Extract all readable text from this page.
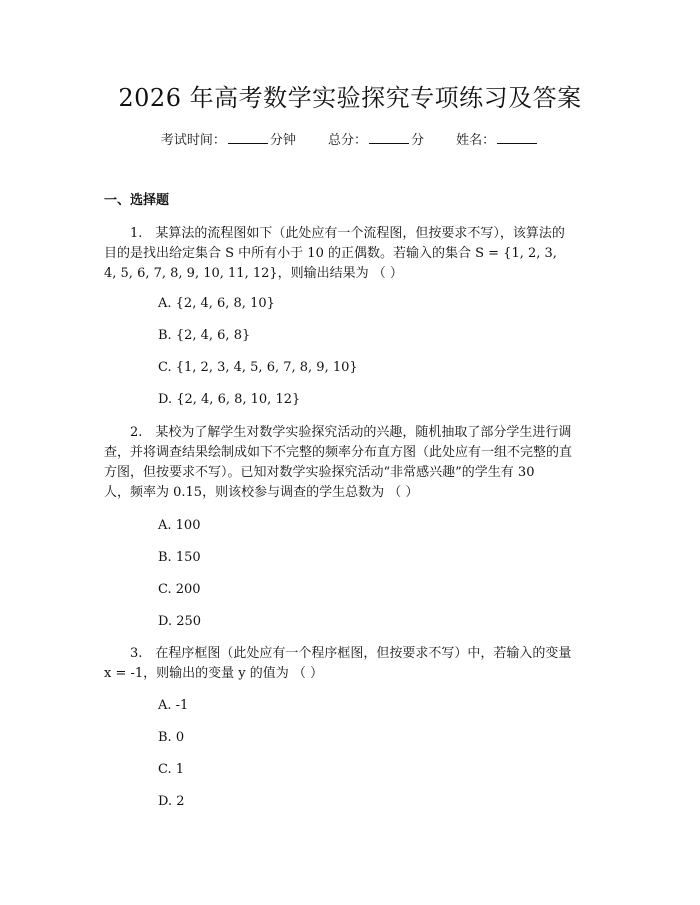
2026 年高考数学实验探究专项练习及答案
考试时间：	分钟 总分：	分 姓名：
一、选择题
1.　某算法的流程图如下（此处应有一个流程图，但按要求不写），该算法的
目的是找出给定集合 S 中所有小于 10 的正偶数。若输入的集合 S = {1, 2, 3,
4, 5, 6, 7, 8, 9, 10, 11, 12}，则输出结果为 （ ）
A. {2, 4, 6, 8, 10}
B. {2, 4, 6, 8}
C. {1, 2, 3, 4, 5, 6, 7, 8, 9, 10}
D. {2, 4, 6, 8, 10, 12}
2.　某校为了解学生对数学实验探究活动的兴趣，随机抽取了部分学生进行调
查，并将调查结果绘制成如下不完整的频率分布直方图（此处应有一组不完整的直
方图，但按要求不写）。已知对数学实验探究活动“非常感兴趣”的学生有 30
人，频率为 0.15，则该校参与调查的学生总数为 （ ）
A. 100
B. 150
C. 200
D. 250
3.　在程序框图（此处应有一个程序框图，但按要求不写）中，若输入的变量
x = -1，则输出的变量 y 的值为 （ ）
A. -1
B. 0
C. 1
D. 2
